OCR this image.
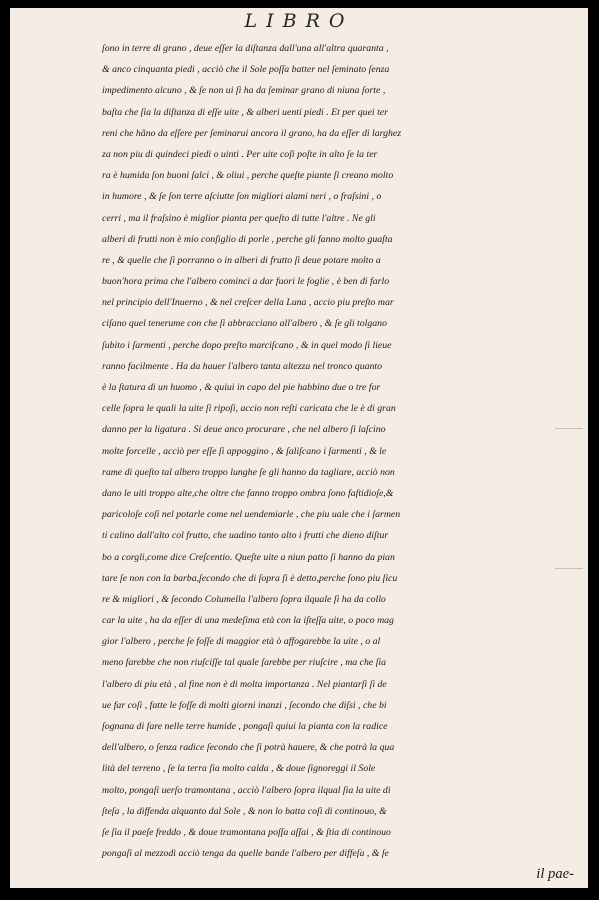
LIBRO
ſono in terre di grano , deue eſſer la diſtanza dall'una all'altra quaranta ,
& anco cinquanta piedi , acciò che il Sole poſſa batter nel ſeminato ſenza
impedimento alcuno , & ſe non ui ſi ha da ſeminar grano di niuna ſorte ,
baſta che ſia la diſtanza di eſſe uite , & alberi uenti piedi . Et per quei ter
reni che hãno da eſſere per ſeminarui ancora il grano, ha da eſſer di larghez
za non piu di quindeci piedi o uinti . Per uite coſi poſte in alto ſe la ter
ra è humida ſon buoni ſalci , & oliui , perche queſte piante ſi creano molto
in humore , & ſe ſon terre aſciutte ſon migliori alami neri , o fraſsini , o
cerri , ma il fraſsino è miglior pianta per queſto di tutte l'altre . Ne gli
alberi di frutti non è mio conſiglio di porle , perche gli fanno molto guaſta
re , & quelle che ſi porranno o in alberi di frutto ſi deue potare molto a
buon'hora prima che l'albero cominci a dar fuori le foglie , è ben di farlo
nel principio dell'Inuerno , & nel creſcer della Luna , accio piu preſto mar
ciſano quel tenerume con che ſi abbracciano all'albero , & ſe gli tolgano
ſubito i ſarmenti , perche dopo preſto marciſcano , & in quel modo ſi lieue
ranno facilmente . Ha da hauer l'albero tanta altezza nel tronco quanto
è la ſtatura di un huomo , & quiui in capo del pie habbino due o tre for
celle ſopra le quali la uite ſi ripoſi, accio non reſti caricata che le è di gran
danno per la ligatura . Si deue anco procurare , che nel albero ſi laſcino
molte forcelle , acciò per eſſe ſi appoggino , & ſaliſcano i ſarmenti , & le
rame di queſto tal albero troppo lunghe ſe gli hanno da tagliare, acciò non
dano le uiti troppo alte,che oltre che fanno troppo ombra ſono faſtidioſe,&
paricoloſe coſi nel potarle come nel uendemiarle , che piu uale che i ſarmen
ti calino dall'alto col frutto, che uadino tanto alto i frutti che dieno diſtur
bo a corgli,come dice Creſcentio. Queſte uite a niun patto ſi hanno da pian
tare ſe non con la barba,ſecondo che di ſopra ſi è detto,perche ſono piu ſicu
re & migliori , & ſecondo Columella l'albero ſopra ilquale ſi ha da collo
car la uite , ha da eſſer di una medeſima età con la iſteſſa uite, o poco mag
gior l'albero , perche ſe foſſe di maggior età ò affogarebbe la uite , o al
meno farebbe che non riuſciſſe tal quale ſarebbe per riuſcire , ma che ſia
l'albero di piu età , al fine non è di molta importanza . Nel piantarſi ſi de
ue far coſi , fatte le foſſe di molti giorni inanzi , ſecondo che diſsi , che bi
ſognana di fare nelle terre humide , pongaſi quiui la pianta con la radice
dell'albero, o ſenza radice ſecondo che ſi potrà hauere, & che potrà la qua
lità del terreno , ſe la terra ſia molto calda , & doue ſignoreggi il Sole
molto, pongaſi uerſo tramontana , acciò l'albero ſopra ilqual ſia la uite di
ſteſa , la diffenda alquanto dal Sole , & non lo batta coſi di continouo, &
ſe ſia il paeſe freddo , & doue tramontana poſſa aſſai , & ſtia di continouo
pongaſi al mezzodì acciò tenga da quelle bande l'albero per diffeſa , & ſe
il pae-
